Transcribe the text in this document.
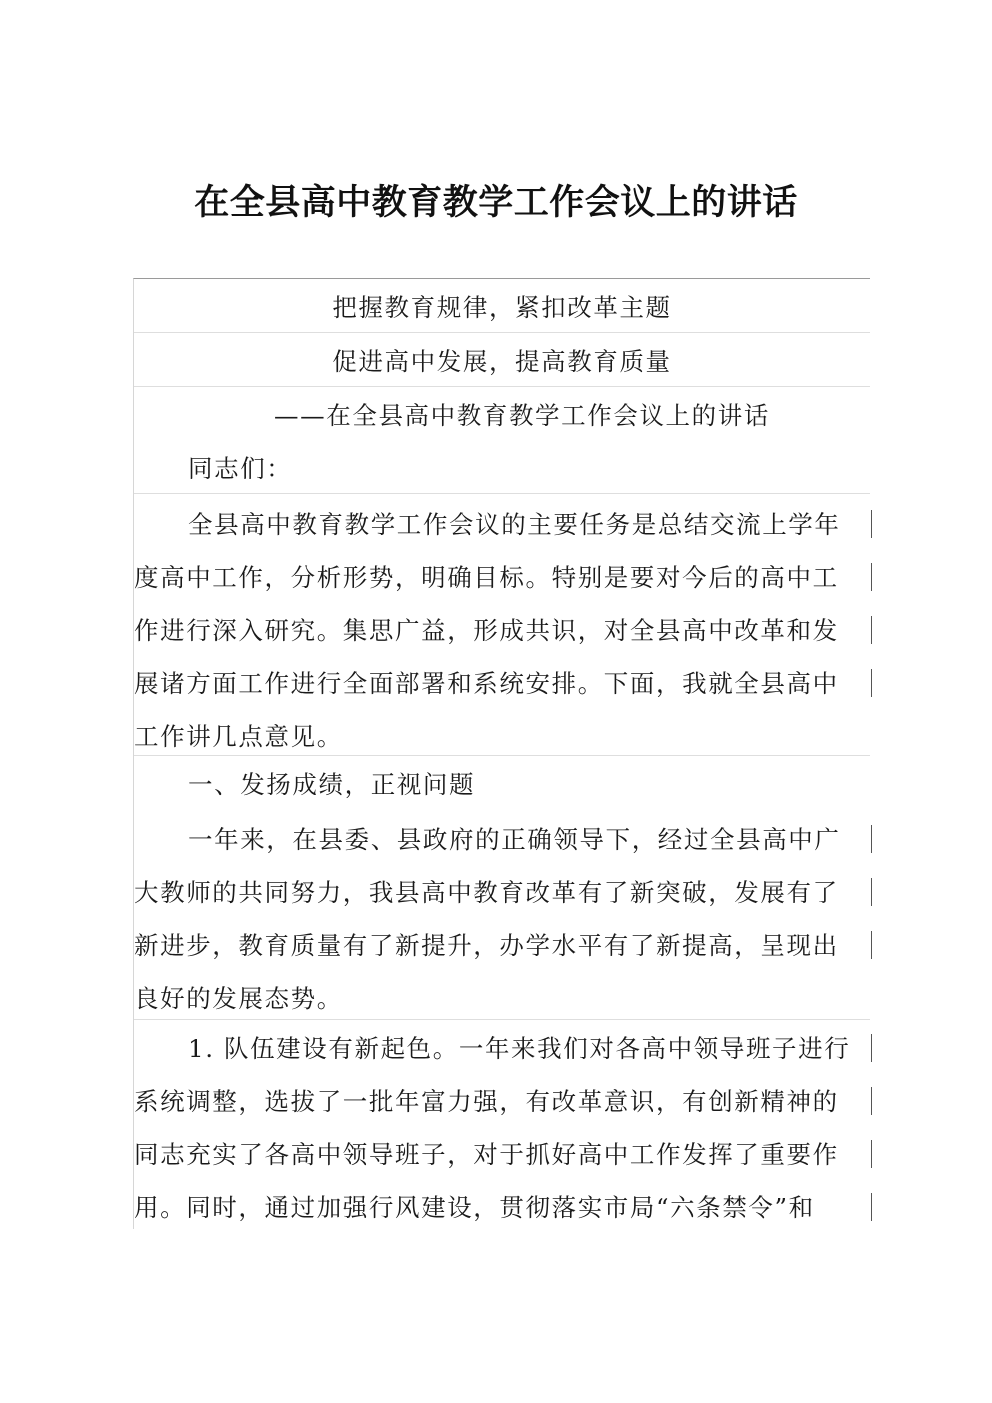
在全县高中教育教学工作会议上的讲话
把握教育规律，紧扣改革主题
促进高中发展，提高教育质量
——在全县高中教育教学工作会议上的讲话
同志们：
全县高中教育教学工作会议的主要任务是总结交流上学年
度高中工作，分析形势，明确目标。特别是要对今后的高中工
作进行深入研究。集思广益，形成共识，对全县高中改革和发
展诸方面工作进行全面部署和系统安排。下面，我就全县高中
工作讲几点意见。
一、发扬成绩，正视问题
一年来，在县委、县政府的正确领导下，经过全县高中广
大教师的共同努力，我县高中教育改革有了新突破，发展有了
新进步，教育质量有了新提升，办学水平有了新提高，呈现出
良好的发展态势。
1. 队伍建设有新起色。一年来我们对各高中领导班子进行
系统调整，选拔了一批年富力强，有改革意识，有创新精神的
同志充实了各高中领导班子，对于抓好高中工作发挥了重要作
用。同时，通过加强行风建设，贯彻落实市局“六条禁令”和
